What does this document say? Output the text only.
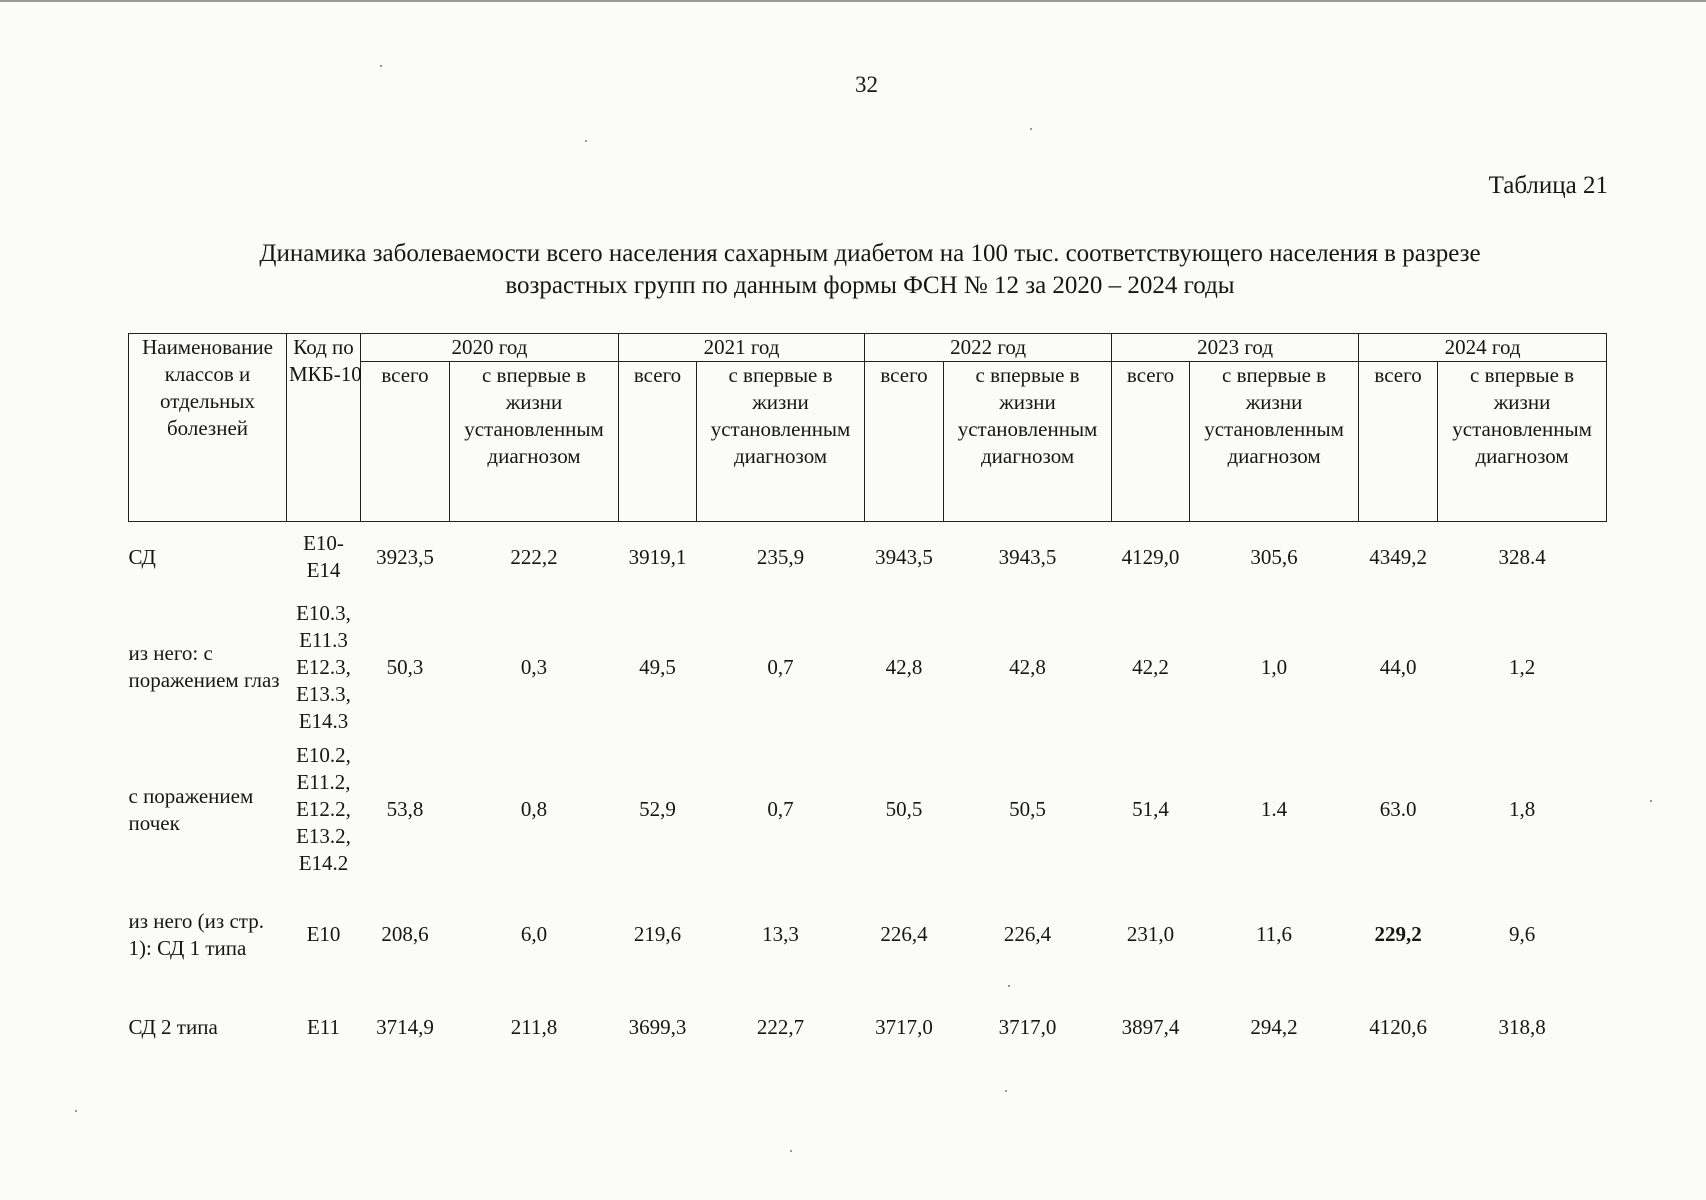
32
Таблица 21
Динамика заболеваемости всего населения сахарным диабетом на 100 тыс. соответствующего населения в разрезе
возрастных групп по данным формы ФСН № 12 за 2020 – 2024 годы
Наименование классов и отдельных болезней	Код по МКБ-10	2020 год		2021 год		2022 год		2023 год		2024 год	
		всего	с впервые в жизни установленным диагнозом	всего	с впервые в жизни установленным диагнозом	всего	с впервые в жизни установленным диагнозом	всего	с впервые в жизни установленным диагнозом	всего	с впервые в жизни установленным диагнозом
СД	Е10-Е14	3923,5	222,2	3919,1	235,9	3943,5	3943,5	4129,0	305,6	4349,2	328.4
из него: с поражением глаз	Е10.3, Е11.3 Е12.3, Е13.3, Е14.3	50,3	0,3	49,5	0,7	42,8	42,8	42,2	1,0	44,0	1,2
с поражением почек	Е10.2, Е11.2, Е12.2, Е13.2, Е14.2	53,8	0,8	52,9	0,7	50,5	50,5	51,4	1.4	63.0	1,8
из него (из стр. 1): СД 1 типа	Е10	208,6	6,0	219,6	13,3	226,4	226,4	231,0	11,6	229,2	9,6
СД 2 типа	Е11	3714,9	211,8	3699,3	222,7	3717,0	3717,0	3897,4	294,2	4120,6	318,8
